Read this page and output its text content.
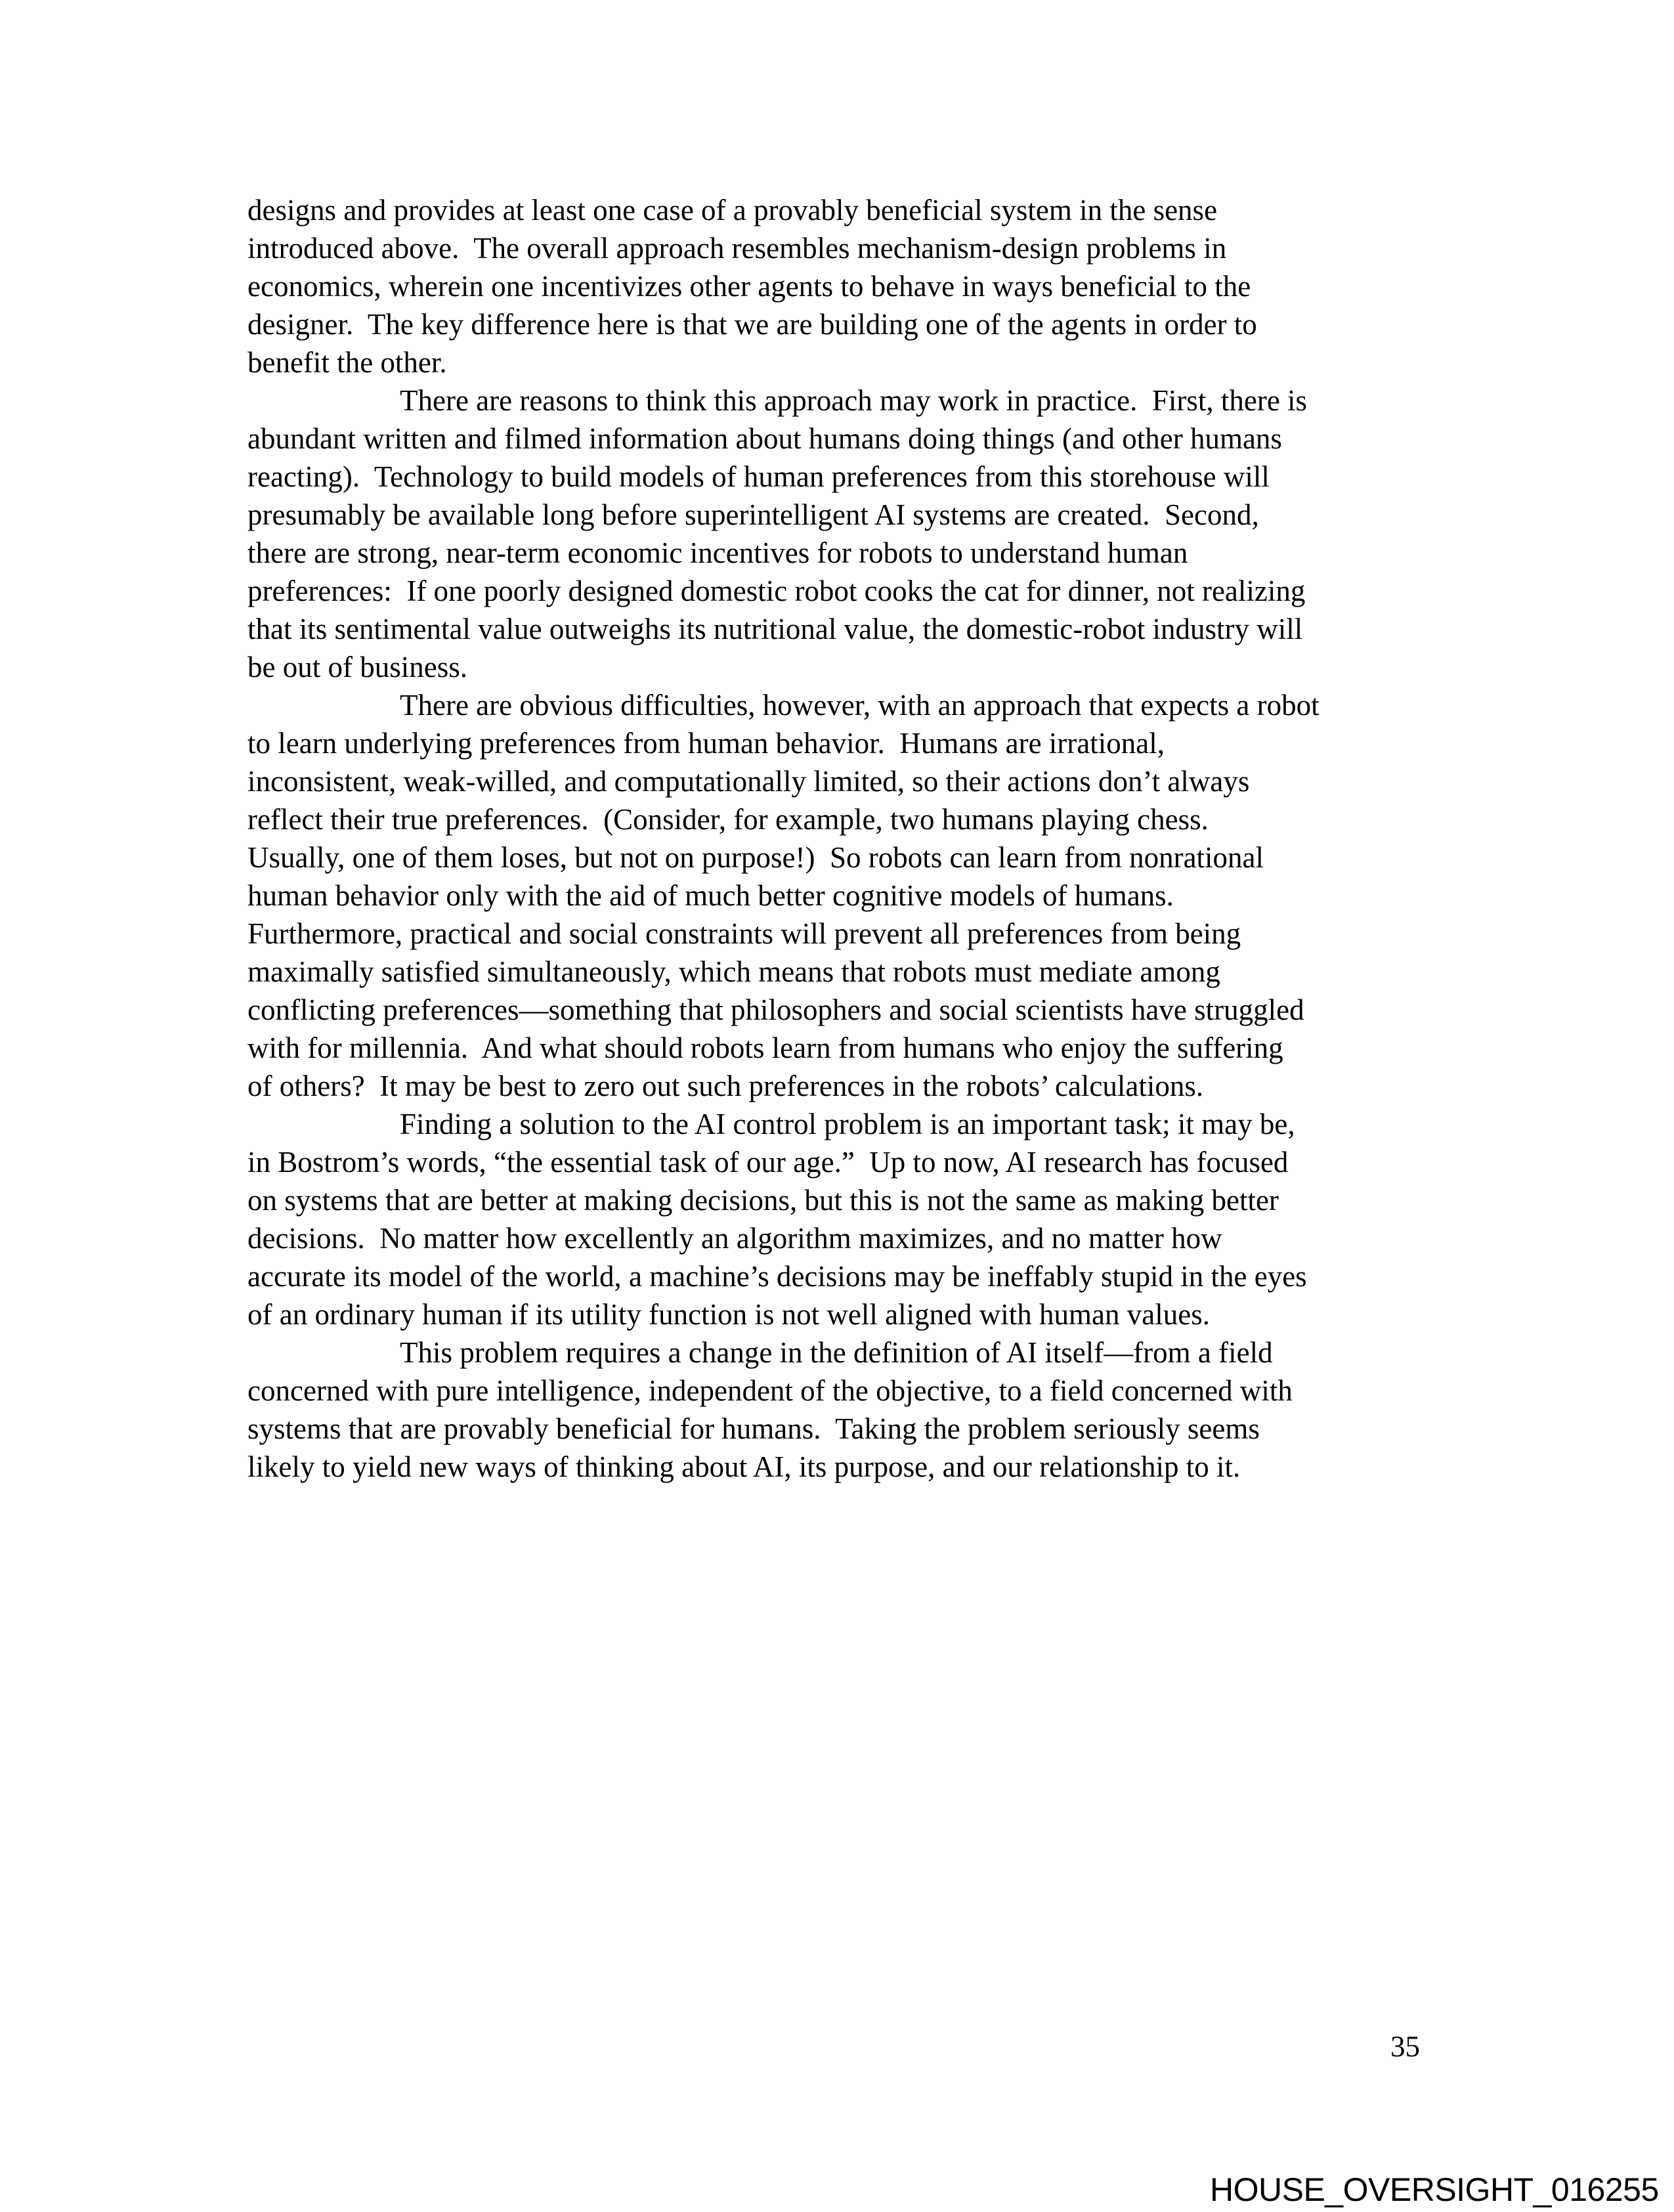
designs and provides at least one case of a provably beneficial system in the sense
introduced above.  The overall approach resembles mechanism-design problems in
economics, wherein one incentivizes other agents to behave in ways beneficial to the
designer.  The key difference here is that we are building one of the agents in order to
benefit the other.
There are reasons to think this approach may work in practice.  First, there is
abundant written and filmed information about humans doing things (and other humans
reacting).  Technology to build models of human preferences from this storehouse will
presumably be available long before superintelligent AI systems are created.  Second,
there are strong, near-term economic incentives for robots to understand human
preferences:  If one poorly designed domestic robot cooks the cat for dinner, not realizing
that its sentimental value outweighs its nutritional value, the domestic-robot industry will
be out of business.
There are obvious difficulties, however, with an approach that expects a robot
to learn underlying preferences from human behavior.  Humans are irrational,
inconsistent, weak-willed, and computationally limited, so their actions don’t always
reflect their true preferences.  (Consider, for example, two humans playing chess.
Usually, one of them loses, but not on purpose!)  So robots can learn from nonrational
human behavior only with the aid of much better cognitive models of humans.
Furthermore, practical and social constraints will prevent all preferences from being
maximally satisfied simultaneously, which means that robots must mediate among
conflicting preferences—something that philosophers and social scientists have struggled
with for millennia.  And what should robots learn from humans who enjoy the suffering
of others?  It may be best to zero out such preferences in the robots’ calculations.
Finding a solution to the AI control problem is an important task; it may be,
in Bostrom’s words, “the essential task of our age.”  Up to now, AI research has focused
on systems that are better at making decisions, but this is not the same as making better
decisions.  No matter how excellently an algorithm maximizes, and no matter how
accurate its model of the world, a machine’s decisions may be ineffably stupid in the eyes
of an ordinary human if its utility function is not well aligned with human values.
This problem requires a change in the definition of AI itself—from a field
concerned with pure intelligence, independent of the objective, to a field concerned with
systems that are provably beneficial for humans.  Taking the problem seriously seems
likely to yield new ways of thinking about AI, its purpose, and our relationship to it.
35
HOUSE_OVERSIGHT_016255
